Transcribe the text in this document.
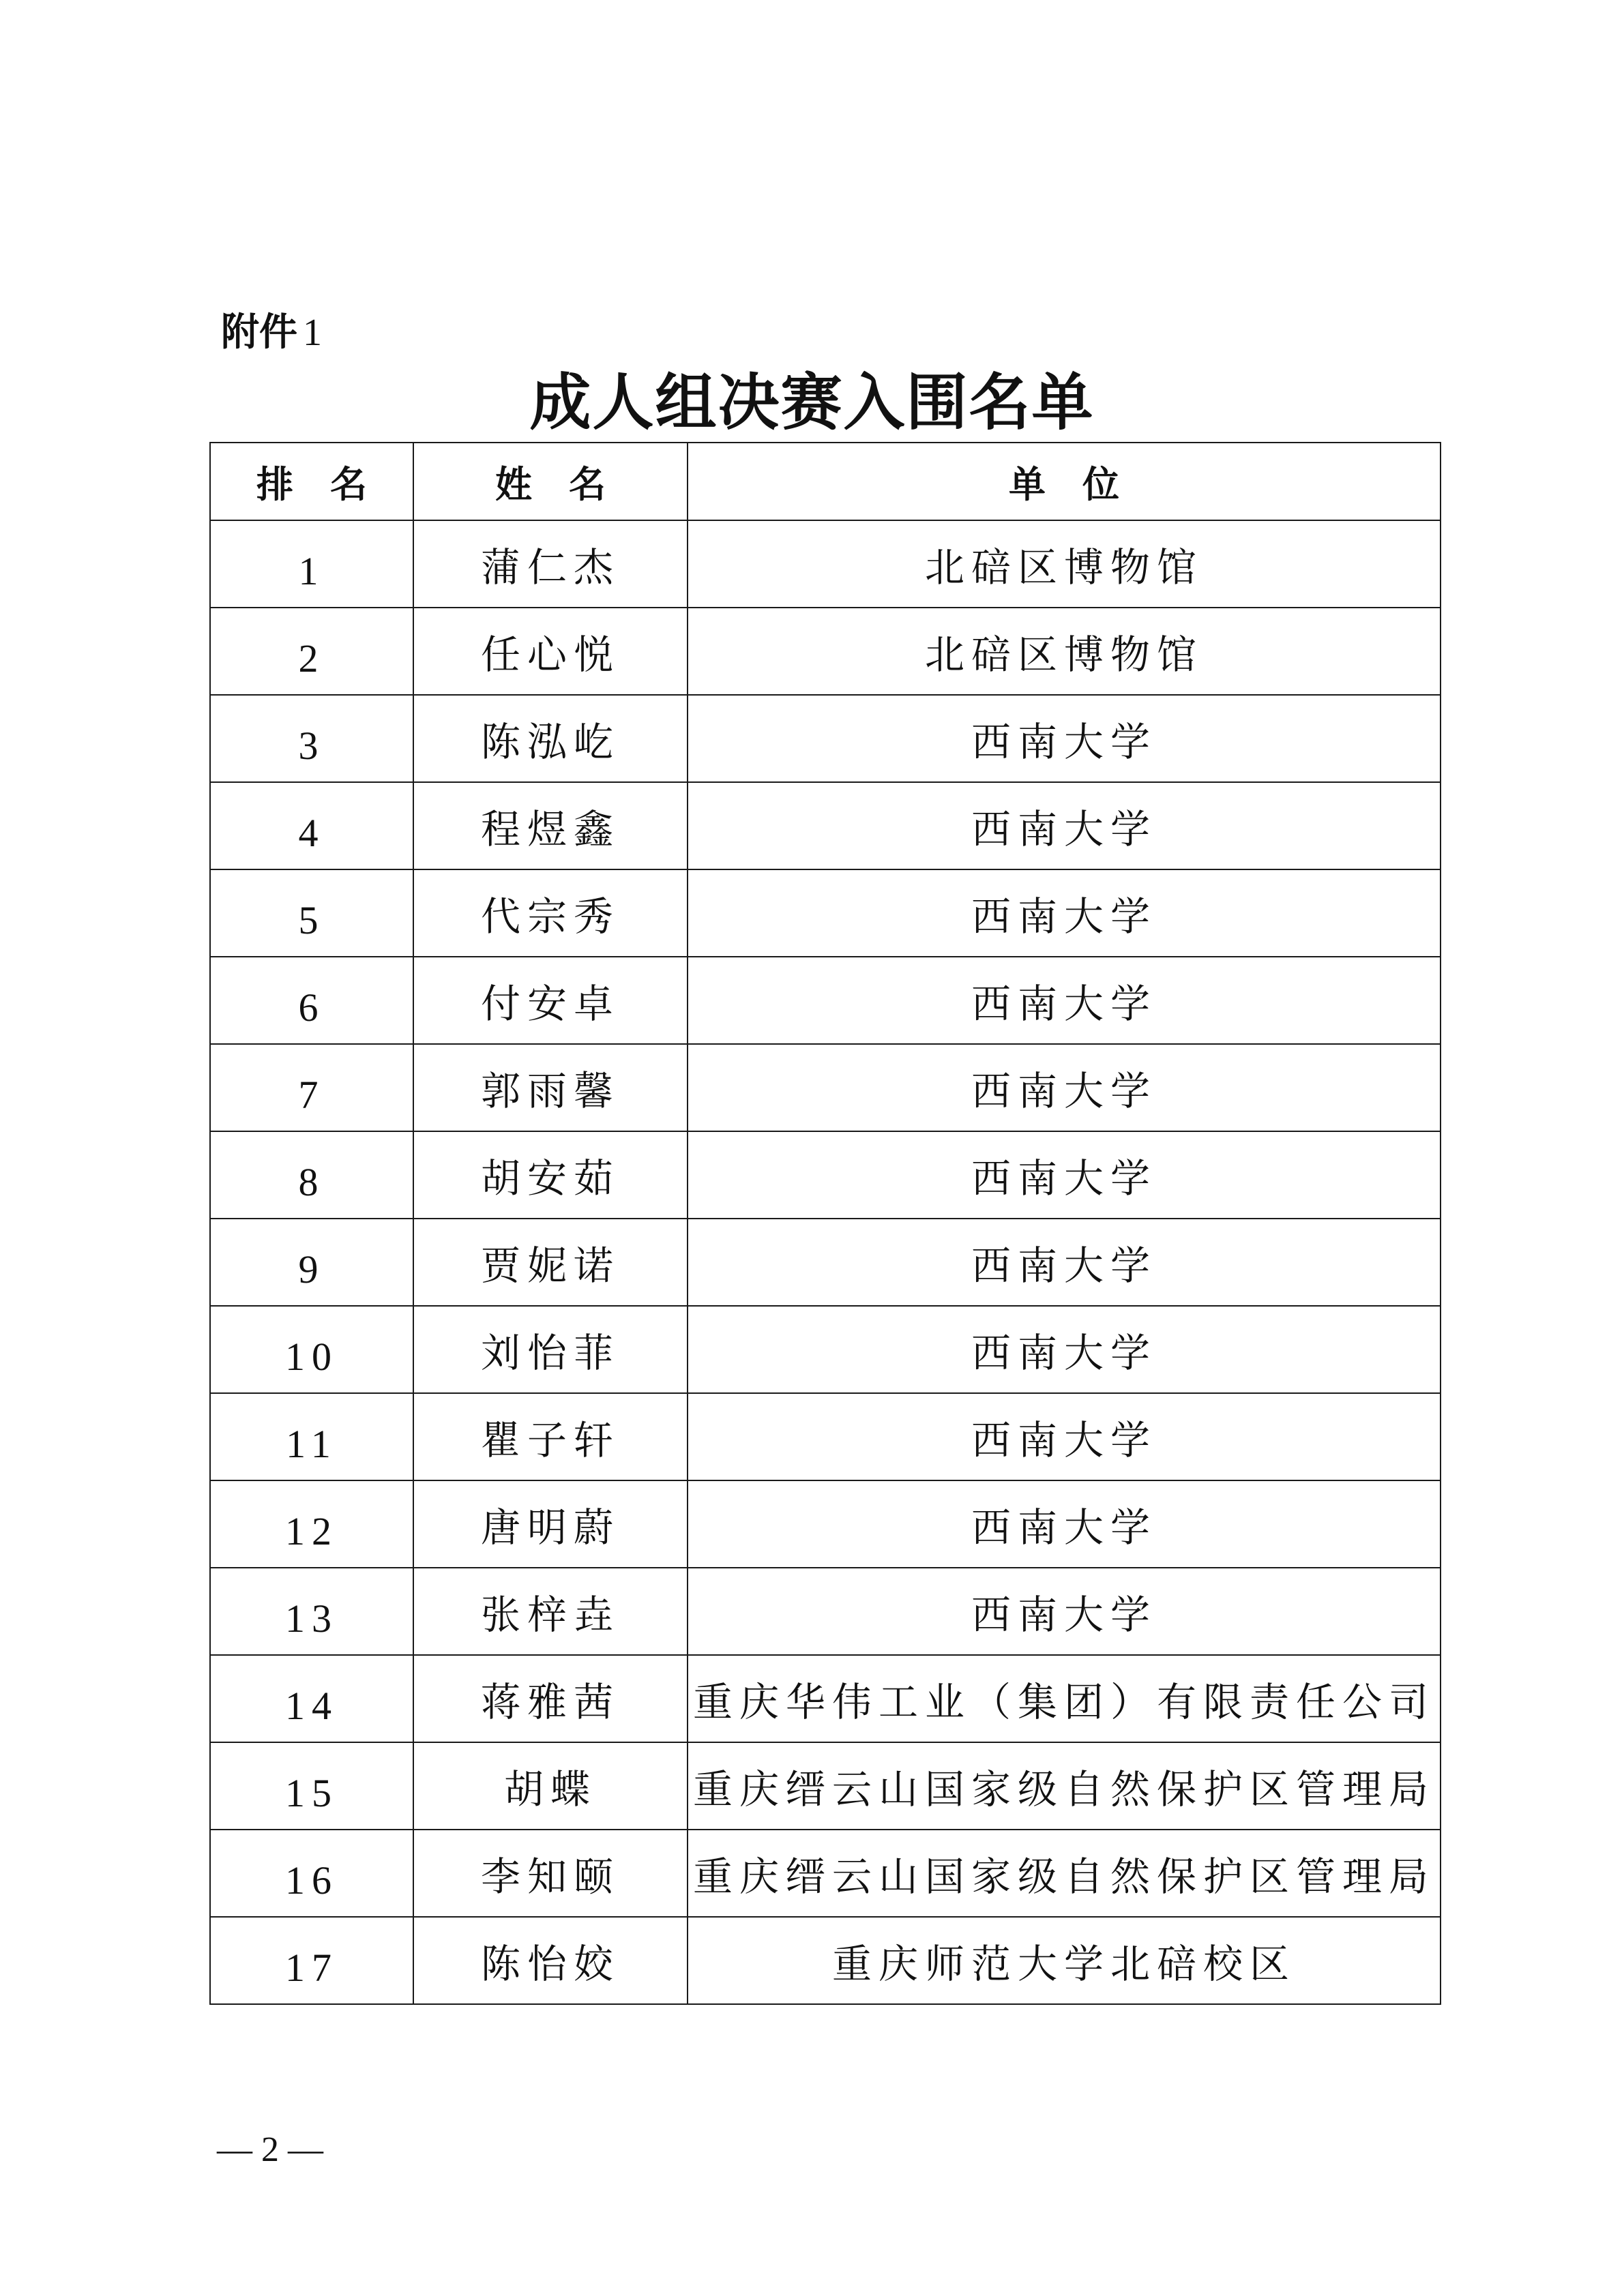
附件 1
成人组决赛入围名单
排　名	姓　名	单　位
1	蒲仁杰	北碚区博物馆
2	任心悦	北碚区博物馆
3	陈泓屹	西南大学
4	程煜鑫	西南大学
5	代宗秀	西南大学
6	付安卓	西南大学
7	郭雨馨	西南大学
8	胡安茹	西南大学
9	贾妮诺	西南大学
10	刘怡菲	西南大学
11	瞿子轩	西南大学
12	唐明蔚	西南大学
13	张梓垚	西南大学
14	蒋雅茜	重庆华伟工业（集团）有限责任公司
15	胡蝶	重庆缙云山国家级自然保护区管理局
16	李知颐	重庆缙云山国家级自然保护区管理局
17	陈怡姣	重庆师范大学北碚校区
— 2 —
